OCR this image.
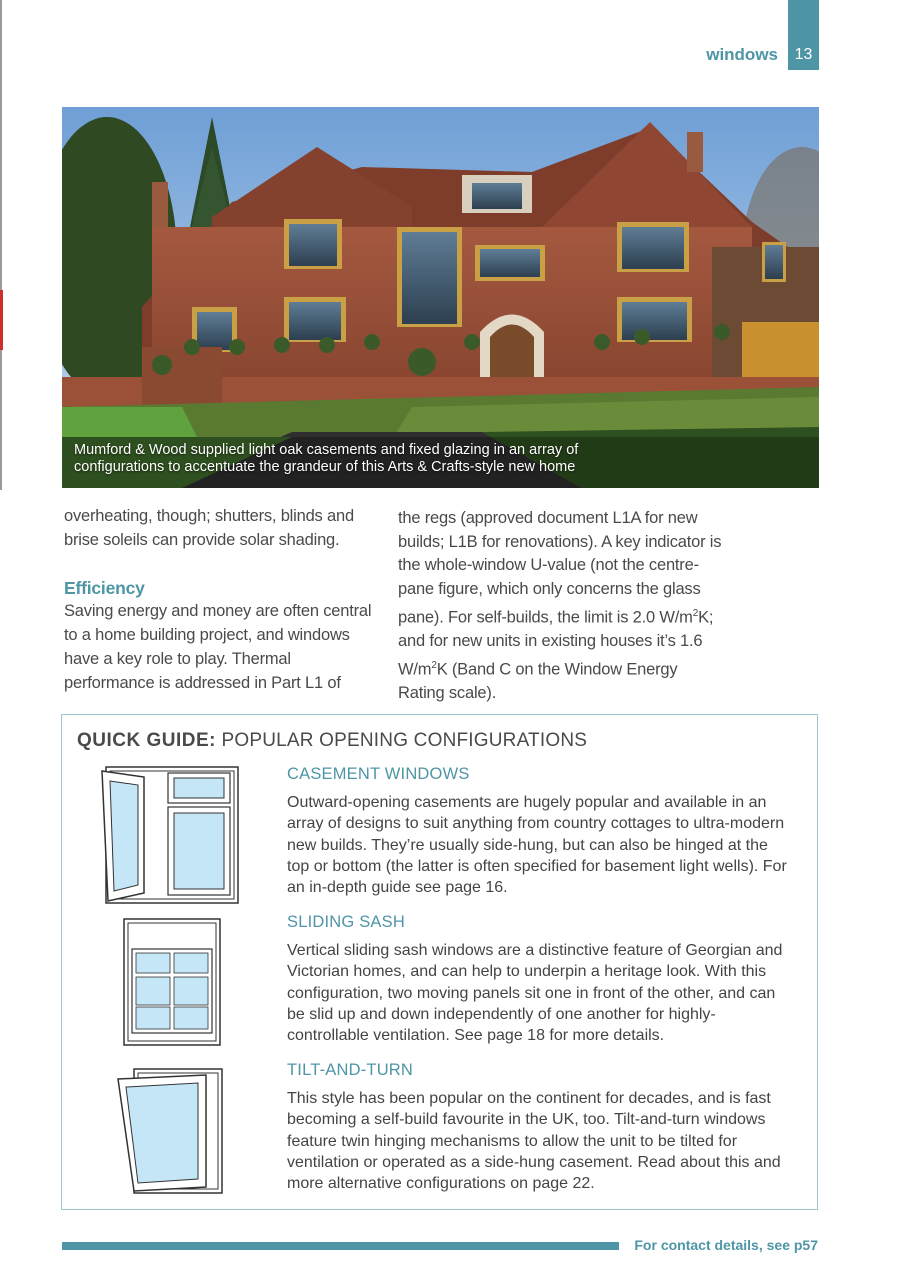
windows	13
Mumford & Wood supplied light oak casements and fixed glazing in an array of
configurations to accentuate the grandeur of this Arts & Crafts-style new home

overheating, though; shutters, blinds and brise soleils can provide solar shading.

Efficiency

Saving energy and money are often central to a home building project, and windows have a key role to play. Thermal performance is addressed in Part L1 of

the regs (approved document L1A for new builds; L1B for renovations). A key indicator is the whole-window U-value (not the centre-pane figure, which only concerns the glass pane). For self-builds, the limit is 2.0 $W/m^2K$; and for new units in existing houses it’s 1.6 $W/m^2K$ (Band C on the Window Energy Rating scale).

QUICK GUIDE: POPULAR OPENING CONFIGURATIONS
CASEMENT WINDOWS
Outward-opening casements are hugely popular and available in an array of designs to suit anything from country cottages to ultra-modern new builds. They’re usually side-hung, but can also be hinged at the top or bottom (the latter is often specified for basement light wells). For an in-depth guide see page 16.
SLIDING SASH
Vertical sliding sash windows are a distinctive feature of Georgian and Victorian homes, and can help to underpin a heritage look. With this configuration, two moving panels sit one in front of the other, and can be slid up and down independently of one another for highly-controllable ventilation. See page 18 for more details.
TILT-AND-TURN
This style has been popular on the continent for decades, and is fast becoming a self-build favourite in the UK, too. Tilt-and-turn windows feature twin hinging mechanisms to allow the unit to be tilted for ventilation or operated as a side-hung casement. Read about this and more alternative configurations on page 22.
For contact details, see p57
